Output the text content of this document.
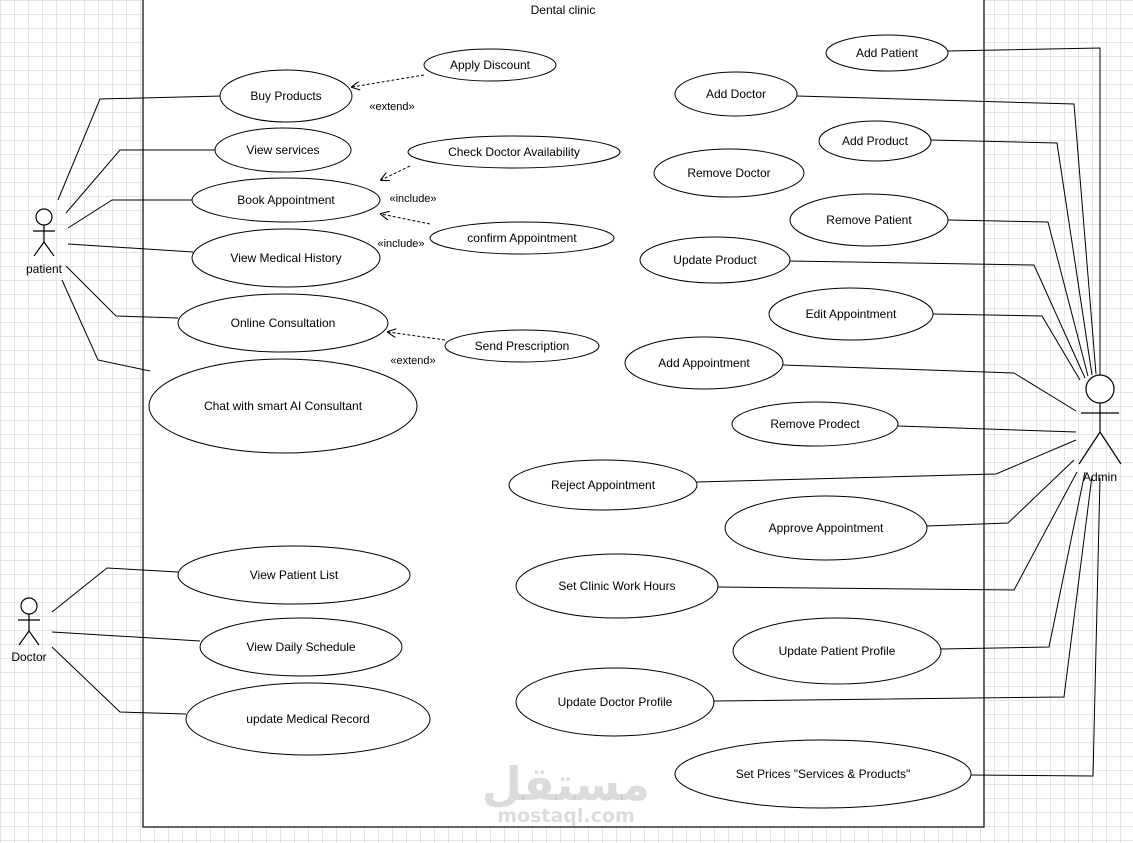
Dental clinic
«extend»
«include»
«include»
«extend»
Buy Products
Apply Discount
View services	Check Doctor Availability
Book Appointment
confirm Appointment
View Medical History
Online Consultation
Send Prescription
Chat with smart AI Consultant
View Patient List
View Daily Schedule
update Medical Record
Add Patient
Add Doctor
Add Product
Remove Doctor
Remove Patient
Update Product
Edit Appointment
Add Appointment
Remove Prodect
Reject Appointment
Approve Appointment
Set Clinic Work Hours
Update Patient Profile
Update Doctor Profile
Set Prices "Services & Products"
patient
Doctor
Admin
مستقل
mostaql.com
